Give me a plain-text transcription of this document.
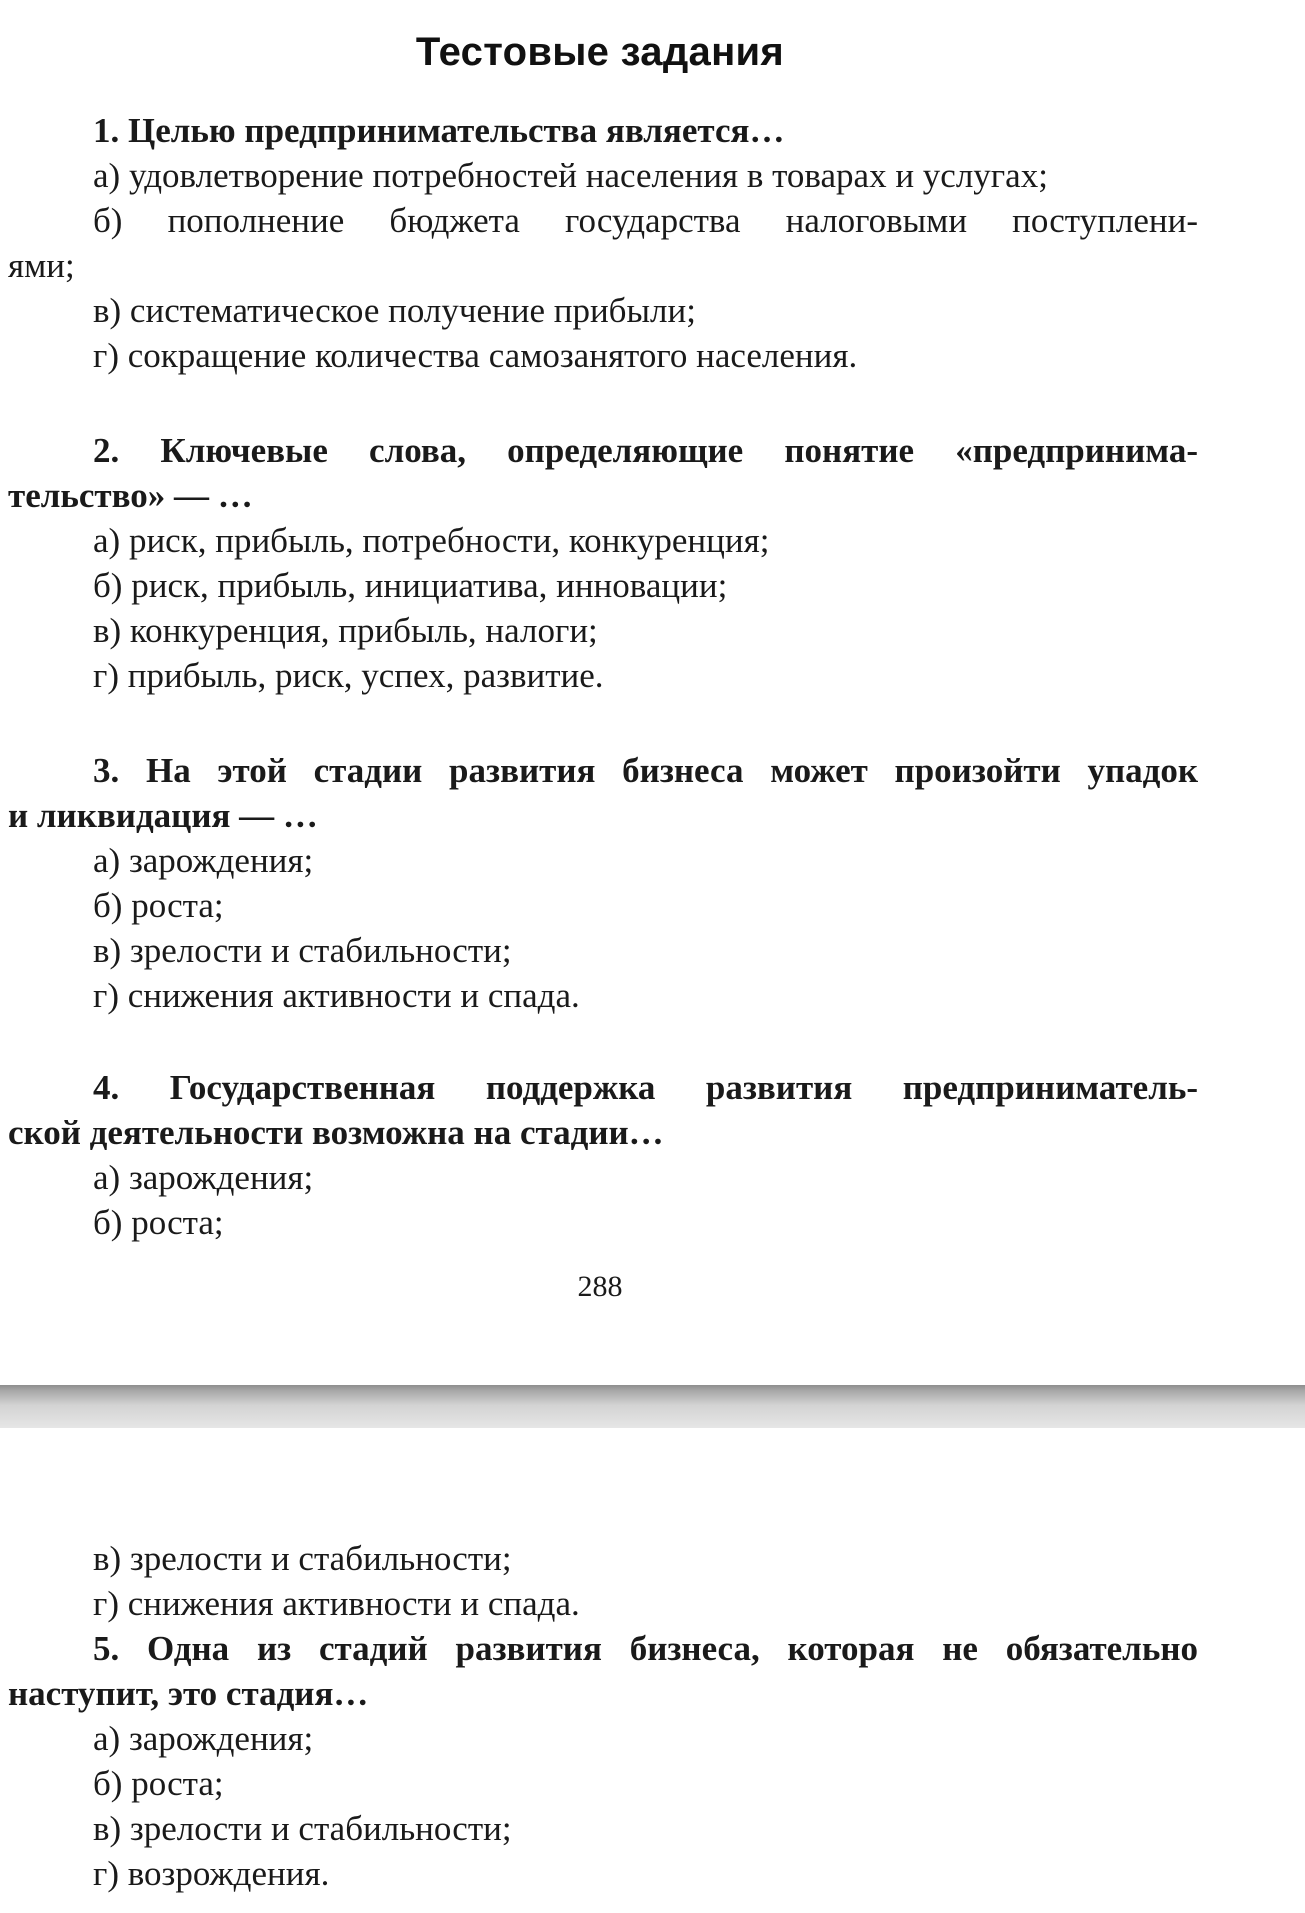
Тестовые задания
1. Целью предпринимательства является…
а) удовлетворение потребностей населения в товарах и услугах;
б) пополнение бюджета государства налоговыми поступлени-
ями;
в) систематическое получение прибыли;
г) сокращение количества самозанятого населения.
2. Ключевые слова, определяющие понятие «предпринима-
тельство» — …
а) риск, прибыль, потребности, конкуренция;
б) риск, прибыль, инициатива, инновации;
в) конкуренция, прибыль, налоги;
г) прибыль, риск, успех, развитие.
3. На этой стадии развития бизнеса может произойти упадок
и ликвидация — …
а) зарождения;
б) роста;
в) зрелости и стабильности;
г) снижения активности и спада.
4. Государственная поддержка развития предприниматель-
ской деятельности возможна на стадии…
а) зарождения;
б) роста;
288
в) зрелости и стабильности;
г) снижения активности и спада.
5. Одна из стадий развития бизнеса, которая не обязательно
наступит, это стадия…
а) зарождения;
б) роста;
в) зрелости и стабильности;
г) возрождения.
